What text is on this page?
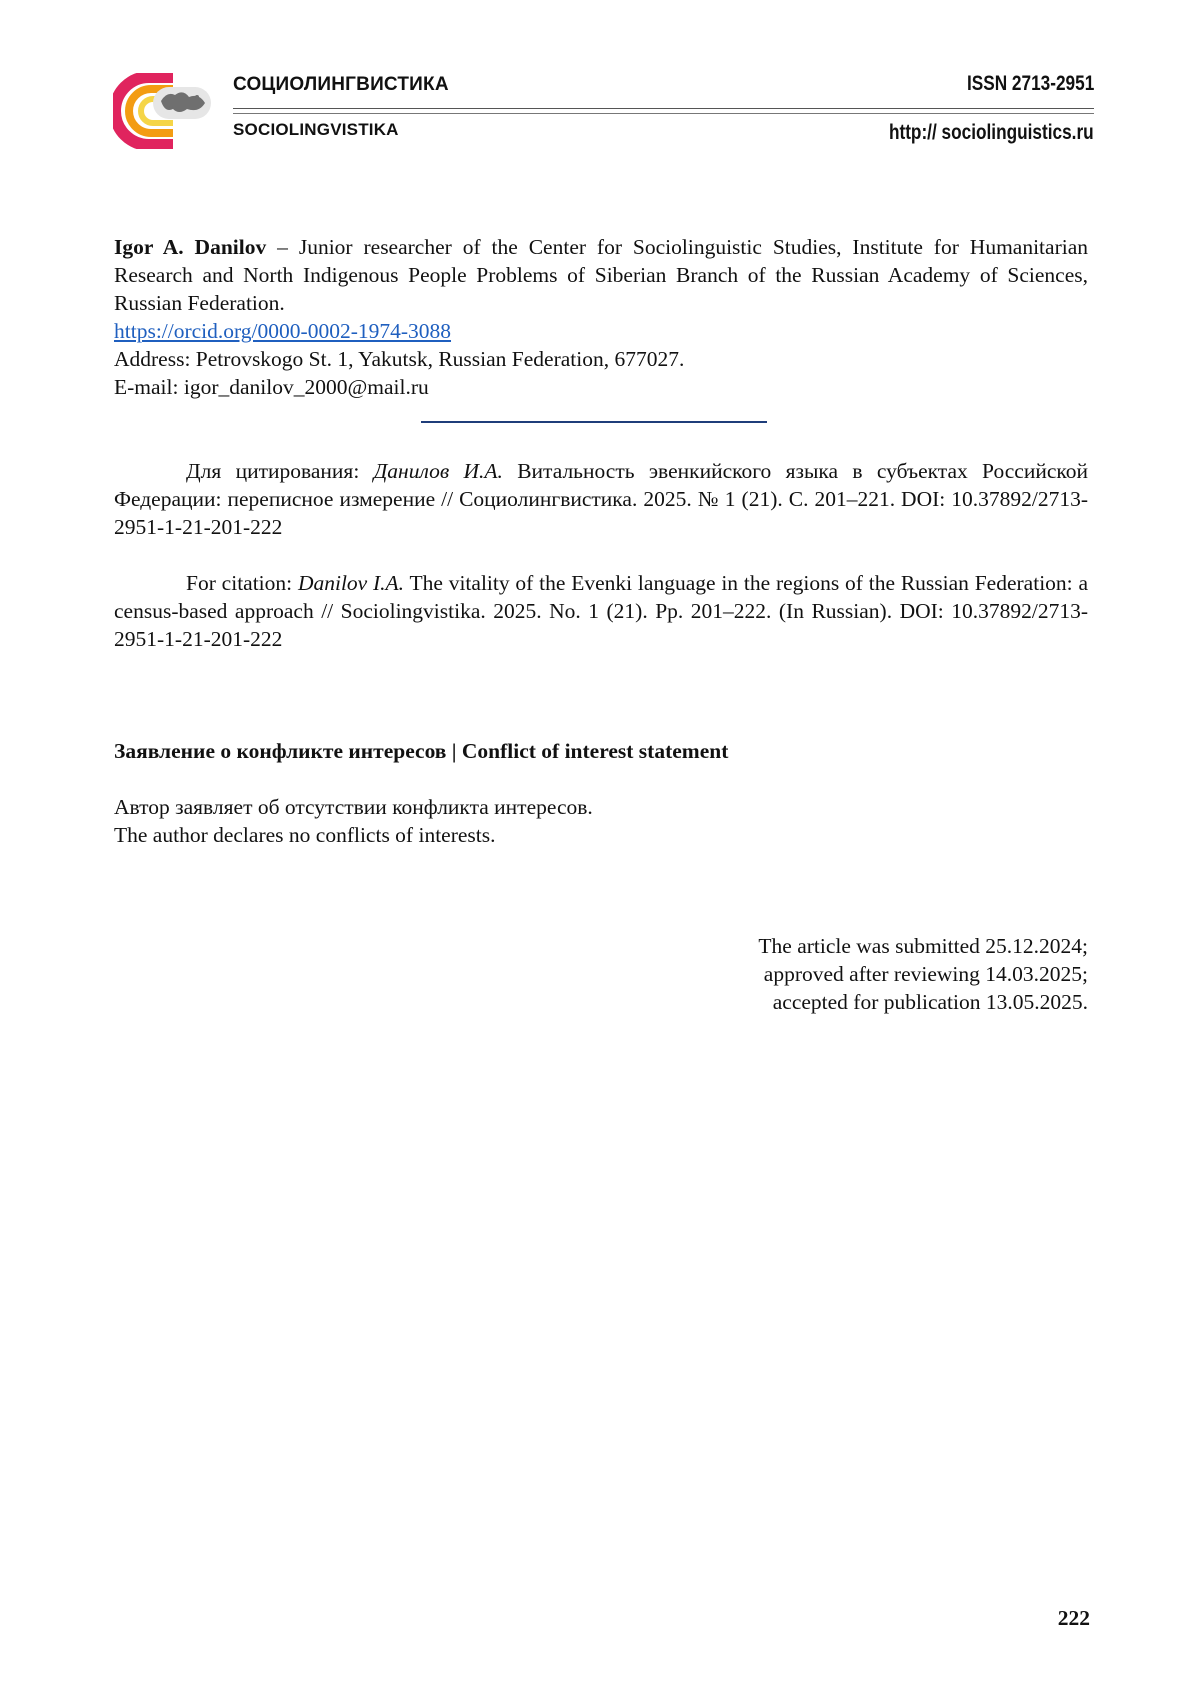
СОЦИОЛИНГВИСТИКА
SOCIOLINGVISTIKA
ISSN 2713-2951
http:// sociolinguistics.ru
Igor A. Danilov – Junior researcher of the Center for Sociolinguistic Studies, Institute for Humanitarian Research and North Indigenous People Problems of Siberian Branch of the Russian Academy of Sciences, Russian Federation.
https://orcid.org/0000-0002-1974-3088
Address: Petrovskogo St. 1, Yakutsk, Russian Federation, 677027.
E-mail: igor_danilov_2000@mail.ru
Для цитирования: Данилов И.А. Витальность эвенкийского языка в субъектах Российской Федерации: переписное измерение // Социолингвистика. 2025. № 1 (21). С. 201–221. DOI: 10.37892/2713-2951-1-21-201-222
For citation: Danilov I.A. The vitality of the Evenki language in the regions of the Russian Federation: a census-based approach // Sociolingvistika. 2025. No. 1 (21). Pp. 201–222. (In Russian). DOI: 10.37892/2713-2951-1-21-201-222
Заявление о конфликте интересов | Conflict of interest statement
Автор заявляет об отсутствии конфликта интересов.
The author declares no conflicts of interests.
The article was submitted 25.12.2024;
approved after reviewing 14.03.2025;
accepted for publication 13.05.2025.
222
